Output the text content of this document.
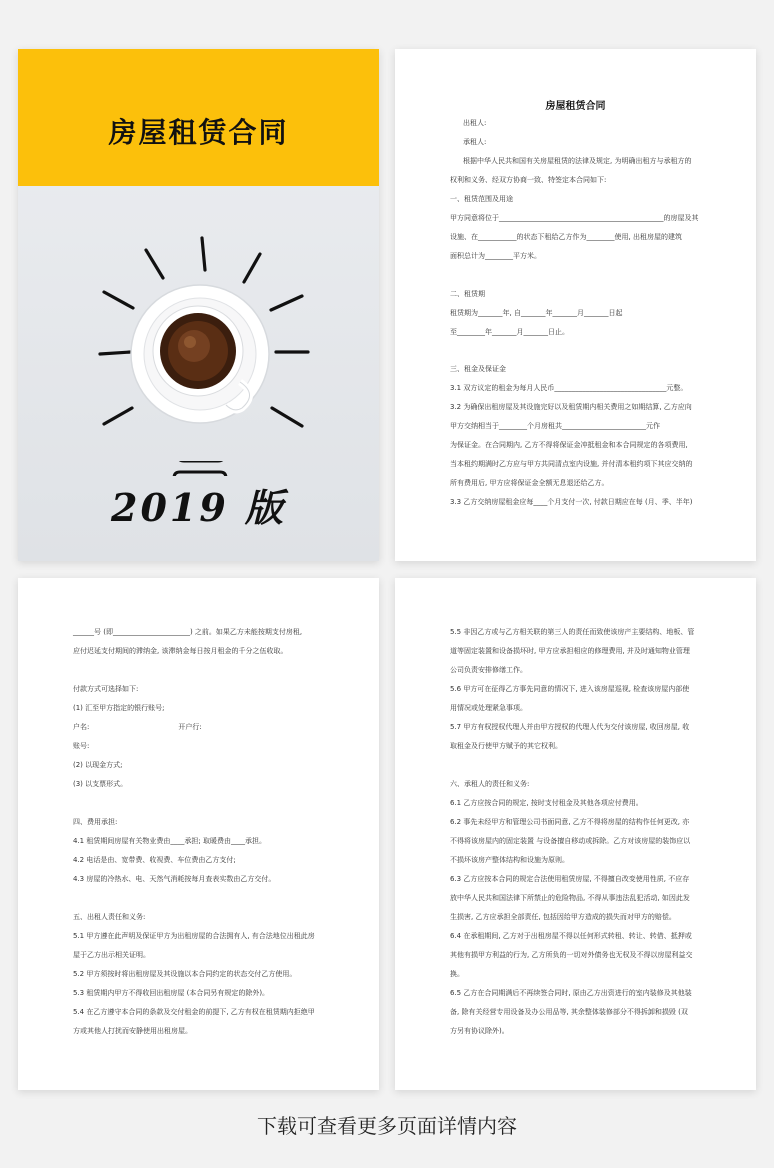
房屋租赁合同
2019 版
房屋租赁合同
出租人:
承租人:
根据中华人民共和国有关房屋租赁的法律及规定, 为明确出租方与承租方的
权利和义务、经双方协商一致、特签定本合同如下:
一、租赁范围及用途
甲方同意将位于_______________________________________________的房屋及其
设施、在___________的状态下租给乙方作为________使用, 出租房屋的建筑
面积总计为________平方米。
二、租赁期
租赁期为_______年, 自_______年_______月_______日起
至________年_______月_______日止。
三、租金及保证金
3.1 双方议定的租金为每月人民币________________________________元整。
3.2 为确保出租房屋及其设施完好以及租赁期内相关费用之如期结算, 乙方应向
甲方交纳相当于________个月房租共________________________元作
为保证金。在合同期内, 乙方不得将保证金冲抵租金和本合同规定的各项费用,
当本租约期满时乙方应与甲方共同清点室内设施, 并付清本租约项下其应交纳的
所有费用后, 甲方应将保证金全额无息退还给乙方。
3.3 乙方交纳房屋租金应每____个月支付一次, 付款日期应在每 (月、季、半年)
______号 (即______________________) 之前。如果乙方未能按期支付房租,
应付迟延支付期间的滞纳金, 该滞纳金每日按月租金的千分之伍收取。
付款方式可选择如下:
(1) 汇至甲方指定的银行账号;
户名:                                        开户行:
账号:
(2) 以现金方式;
(3) 以支票形式。
四、费用承担:
4.1 租赁期间房屋有关物业费由____承担; 取暖费由____承担。
4.2 电话是由、宽带费、收视费、车位费由乙方支付;
4.3 房屋的冷热水、电、天然气消耗按每月查表实数由乙方交付。
五、出租人责任和义务:
5.1 甲方遵在此声明及保证甲方为出租房屋的合法拥有人, 有合法地位出租此房
屋于乙方出示相关证明。
5.2 甲方须按时将出租房屋及其设施以本合同约定的状态交付乙方使用。
5.3 租赁期内甲方不得收回出租房屋 (本合同另有规定的除外)。
5.4 在乙方遵守本合同的条款及交付租金的前提下, 乙方有权在租赁期内拒绝甲
方或其他人打扰而安静使用出租房屋。
5.5 非因乙方或与乙方相关联的第三人的责任而致使该房产主要结构、地板、管
道等固定装置和设备损坏时, 甲方应承担相应的修理费用, 并及时通知物业管理
公司负责安排修缮工作。
5.6 甲方可在征得乙方事先同意的情况下, 进入该房屋巡视, 检查该房屋内部使
用情况或处理紧急事项。
5.7 甲方有权授权代理人并由甲方授权的代理人代为交付该房屋, 收回房屋, 收
取租金及行使甲方赋予的其它权利。
六、承租人的责任和义务:
6.1 乙方应按合同的规定, 按时支付租金及其他各项应付费用。
6.2 事先未经甲方和管理公司书面同意, 乙方不得将房屋的结构作任何更改, 亦
不得将该房屋内的固定装置 与设备擅自移动或拆除。乙方对该房屋的装饰应以
不损坏该房产整体结构和设施为原则。
6.3 乙方应按本合同的规定合法使用租赁房屋, 不得擅自改变使用性质, 不应存
放中华人民共和国法律下所禁止的危险物品, 不得从事违法乱犯活动, 如因此发
生损害, 乙方应承担全部责任, 包括因给甲方造成的损失而对甲方的赔偿。
6.4 在承租期间, 乙方对于出租房屋不得以任何形式转租、转让、转借、抵押或
其他有损甲方利益的行为, 乙方所负的一切对外债务也无权及不得以房屋利益交
换。
6.5 乙方在合同期满后不再续签合同时, 原由乙方出资进行的室内装修及其他装
备, 除有关经营专用设备及办公用品等, 其余整体装修部分不得拆卸和损毁 (双
方另有协议除外)。
下载可查看更多页面详情内容
